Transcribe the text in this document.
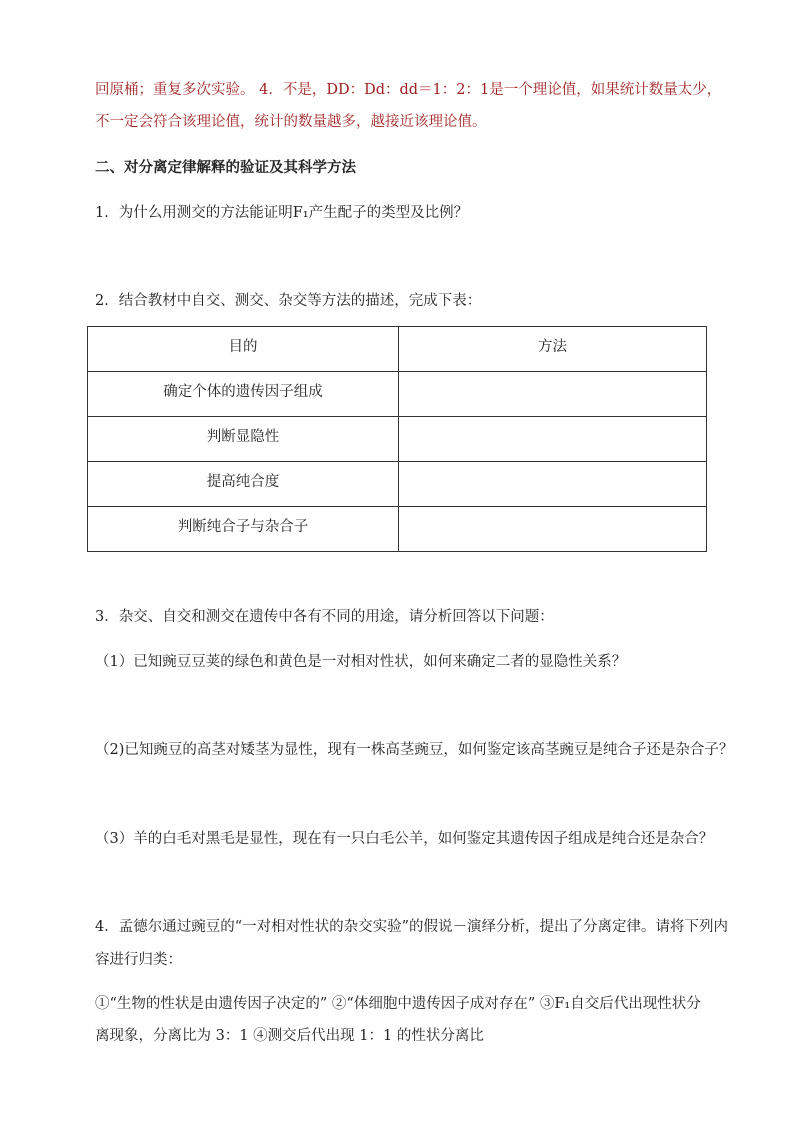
回原桶；重复多次实验。 4．不是，DD：Dd：dd＝1：2：1是一个理论值，如果统计数量太少，
不一定会符合该理论值，统计的数量越多，越接近该理论值。
二、对分离定律解释的验证及其科学方法
1．为什么用测交的方法能证明F₁产生配子的类型及比例？
2．结合教材中自交、测交、杂交等方法的描述，完成下表：
目的	方法
确定个体的遗传因子组成	
判断显隐性	
提高纯合度	
判断纯合子与杂合子	
3．杂交、自交和测交在遗传中各有不同的用途，请分析回答以下问题：
（1）已知豌豆豆荚的绿色和黄色是一对相对性状，如何来确定二者的显隐性关系？
（2)已知豌豆的高茎对矮茎为显性，现有一株高茎豌豆，如何鉴定该高茎豌豆是纯合子还是杂合子？
（3）羊的白毛对黑毛是显性，现在有一只白毛公羊，如何鉴定其遗传因子组成是纯合还是杂合？
4．孟德尔通过豌豆的“一对相对性状的杂交实验”的假说－演绎分析，提出了分离定律。请将下列内
容进行归类：
①“生物的性状是由遗传因子决定的” ②“体细胞中遗传因子成对存在” ③F₁自交后代出现性状分
离现象，分离比为 3：1 ④测交后代出现 1：1 的性状分离比
